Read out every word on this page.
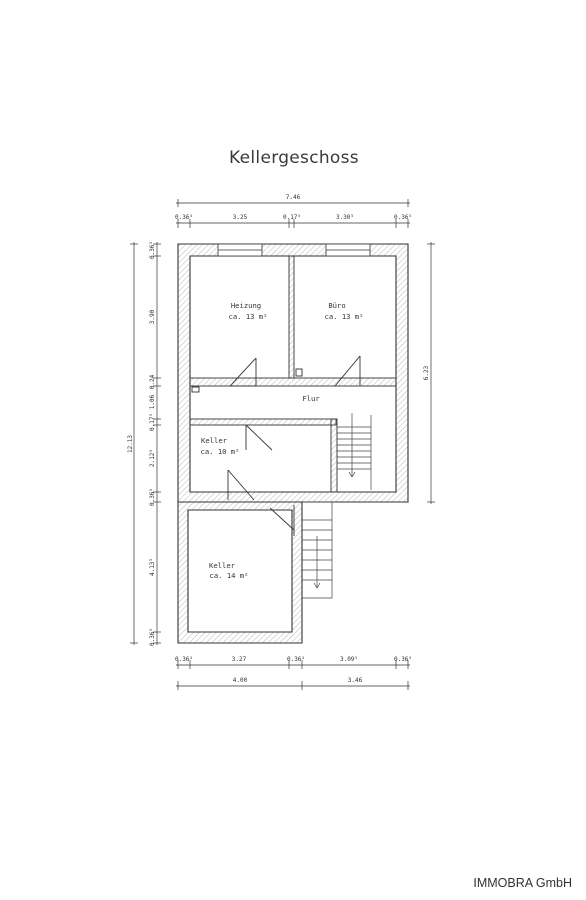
Kellergeschoss
Heizung
ca. 13 m²
Büro
ca. 13 m²
Flur
Keller
ca. 10 m²
Keller
ca. 14 m²
7.46
0.36⁵	3.25	0.17⁵	3.30⁵	0.36⁵
0.36⁵	3.27	0.36⁵	3.09⁵	0.36⁵
4.00	3.46
12.13
0.36⁵
3.90
0.24
1.06
0.17⁵
2.12⁵
0.36⁵
4.13⁵
0.36⁵
6.23
IMMOBRA GmbH
